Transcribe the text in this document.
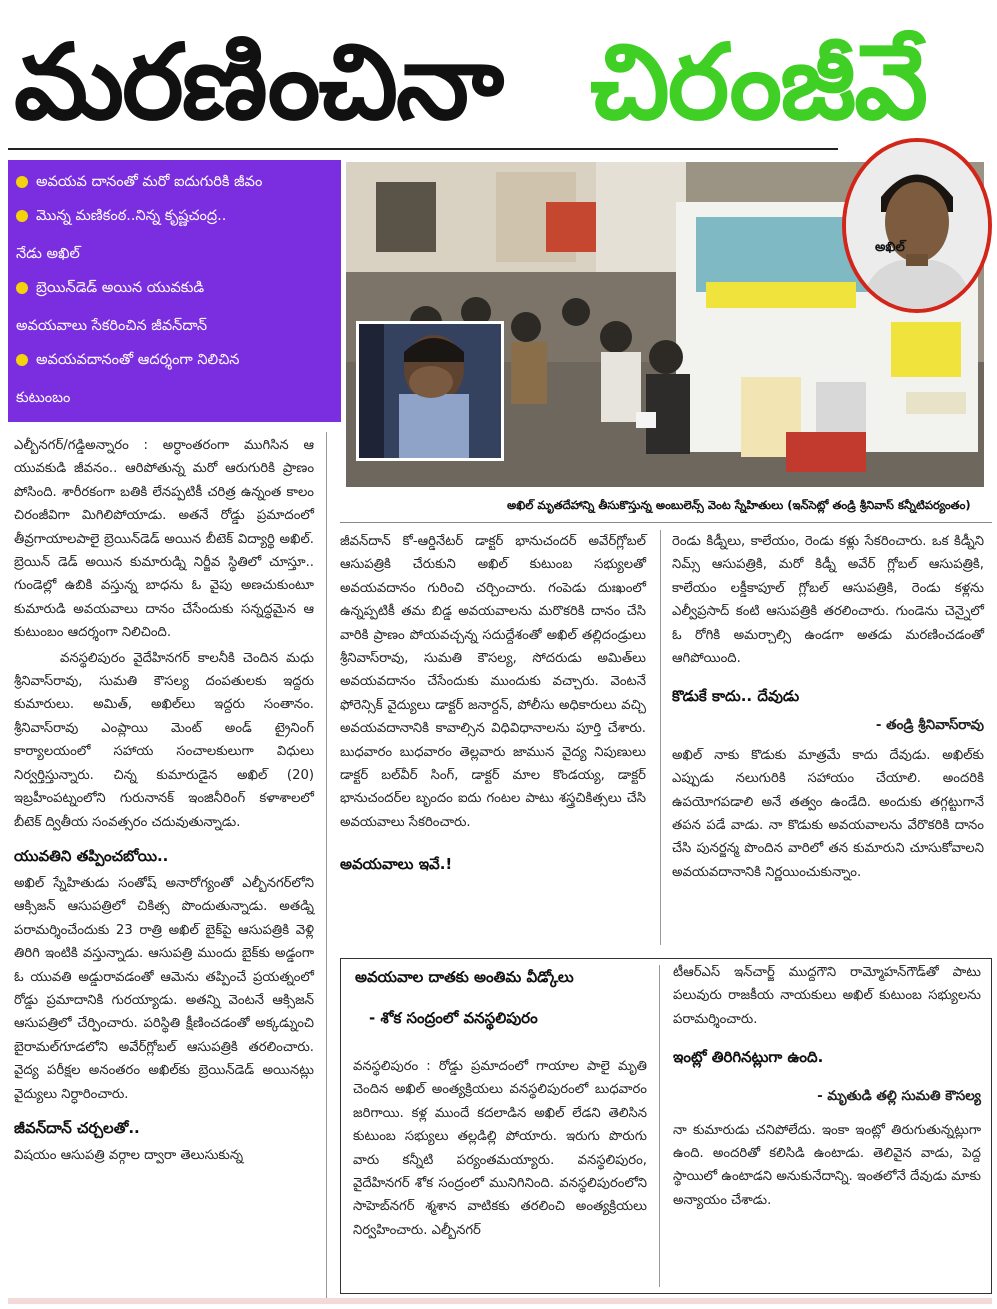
మరణించినా చిరంజీవే
అవయవ దానంతో మరో ఐదుగురికి జీవం
మొన్న మణికంఠ..నిన్న కృష్ణచంద్ర..
నేడు అఖిల్
బ్రెయిన్‌డెడ్ అయిన యువకుడి
అవయవాలు సేకరించిన జీవన్‌దాన్
అవయవదానంతో ఆదర్శంగా నిలిచిన
కుటుంబం
అఖిల్
అఖిల్ మృతదేహాన్ని తీసుకొస్తున్న అంబులెన్స్ వెంట స్నేహితులు (ఇన్‌సెట్లో తండ్రి శ్రీనివాస్ కన్నీటిపర్యంతం)

ఎల్బీనగర్/గడ్డిఅన్నారం : అర్ధాంతరంగా ముగిసిన ఆ యువకుడి జీవనం.. ఆరిపోతున్న మరో ఆరుగురికి ప్రాణం పోసింది. శారీరకంగా బతికి లేనప్పటికీ చరిత్ర ఉన్నంత కాలం చిరంజీవిగా మిగిలిపోయాడు. అతనే రోడ్డు ప్రమాదంలో తీవ్రగాయాలపాలై బ్రెయిన్‌డెడ్ అయిన బీటెక్ విద్యార్థి అఖిల్. బ్రెయిన్ డెడ్ అయిన కుమారుడ్ని నిర్జీవ స్థితిలో చూస్తూ.. గుండెల్లో ఉబికి వస్తున్న బాధను ఓ వైపు అణచుకుంటూ కుమారుడి అవయవాలు దానం చేసేందుకు సన్నద్ధమైన ఆ కుటుంబం ఆదర్శంగా నిలిచింది.

వనస్థలిపురం వైదేహినగర్ కాలనీకి చెందిన మధు శ్రీనివాస్‌రావు, సుమతి కౌసల్య దంపతులకు ఇద్దరు కుమారులు. అమిత్, అఖిల్‌లు ఇద్దరు సంతానం. శ్రీనివాస్‌రావు ఎంప్లాయి మెంట్ అండ్ ట్రైనింగ్ కార్యాలయంలో సహాయ సంచాలకులుగా విధులు నిర్వర్తిస్తున్నారు. చిన్న కుమారుడైన అఖిల్ (20) ఇబ్రహీంపట్నంలోని గురునానక్ ఇంజినీరింగ్ కళాశాలలో బీటెక్ ద్వితీయ సంవత్సరం చదువుతున్నాడు.

యువతిని తప్పించబోయి..

అఖిల్ స్నేహితుడు సంతోష్ అనారోగ్యంతో ఎల్బీనగర్‌లోని ఆక్సిజన్ ఆసుపత్రిలో చికిత్స పొందుతున్నాడు. అతడ్ని పరామర్శించేందుకు 23 రాత్రి అఖిల్ బైక్‌పై ఆసుపత్రికి వెళ్లి తిరిగి ఇంటికి వస్తున్నాడు. ఆసుపత్రి ముందు బైక్‌కు అడ్డంగా ఓ యువతి అడ్డురావడంతో ఆమెను తప్పించే ప్రయత్నంలో రోడ్డు ప్రమాదానికి గురయ్యాడు. అతన్ని వెంటనే ఆక్సిజన్ ఆసుపత్రిలో చేర్పించారు. పరిస్థితి క్షీణించడంతో అక్కడ్నుంచి బైరామల్‌గూడలోని అవేర్‌గ్లోబల్ ఆసుపత్రికి తరలించారు. వైద్య పరీక్షల అనంతరం అఖిల్‌కు బ్రెయిన్‌డెడ్ అయినట్లు వైద్యులు నిర్ధారించారు.

జీవన్‌దాన్ చర్చలతో..

విషయం ఆసుపత్రి వర్గాల ద్వారా తెలుసుకున్న

జీవన్‌దాన్ కో-ఆర్డినేటర్ డాక్టర్ భానుచందర్ అవేర్‌గ్లోబల్ ఆసుపత్రికి చేరుకుని అఖిల్ కుటుంబ సభ్యులతో అవయవదానం గురించి చర్చించారు. గంపెడు దుఃఖంలో ఉన్నప్పటికీ తమ బిడ్డ అవయవాలను మరొకరికి దానం చేసి వారికి ప్రాణం పోయవచ్చన్న సదుద్దేశంతో అఖిల్ తల్లిదండ్రులు శ్రీనివాస్‌రావు, సుమతి కౌసల్య, సోదరుడు అమిత్‌లు అవయవదానం చేసేందుకు ముందుకు వచ్చారు. వెంటనే ఫోరెన్సిక్ వైద్యులు డాక్టర్ జనార్దన్, పోలీసు అధికారులు వచ్చి అవయవదానానికి కావాల్సిన విధివిధానాలను పూర్తి చేశారు. బుధవారం బుధవారం తెల్లవారు జామున వైద్య నిపుణులు డాక్టర్ బల్‌వీర్ సింగ్, డాక్టర్ మాల కొండయ్య, డాక్టర్ భానుచందర్‌ల బృందం ఐదు గంటల పాటు శస్త్రచికిత్సలు చేసి అవయవాలు సేకరించారు.

అవయవాలు ఇవే.!

రెండు కిడ్నీలు, కాలేయం, రెండు కళ్లు సేకరించారు. ఒక కిడ్నీని నిమ్స్ ఆసుపత్రికి, మరో కిడ్నీ అవేర్ గ్లోబల్ ఆసుపత్రికి, కాలేయం లక్డీకాపూల్ గ్లోబల్ ఆసుపత్రికి, రెండు కళ్లను ఎల్వీప్రసాద్ కంటి ఆసుపత్రికి తరలించారు. గుండెను చెన్నైలో ఓ రోగికి అమర్చాల్సి ఉండగా అతడు మరణించడంతో ఆగిపోయింది.

కొడుకే కాదు.. దేవుడు
- తండ్రి శ్రీనివాస్‌రావు

అఖిల్ నాకు కొడుకు మాత్రమే కాదు దేవుడు. అఖిల్‌కు ఎప్పుడు నలుగురికి సహాయం చేయాలి. అందరికి ఉపయోగపడాలి అనే తత్వం ఉండేది. అందుకు తగ్గట్టుగానే తపన పడే వాడు. నా కొడుకు అవయవాలను వేరొకరికి దానం చేసి పునర్జన్మ పొందిన వారిలో తన కుమారుని చూసుకోవాలని అవయవదానానికి నిర్ణయించుకున్నాం.

అవయవాల దాతకు అంతిమ వీడ్కోలు
- శోక సంద్రంలో వనస్థలిపురం

వనస్థలిపురం : రోడ్డు ప్రమాదంలో గాయాల పాలై మృతి చెందిన అఖిల్ అంత్యక్రియలు వనస్థలిపురంలో బుధవారం జరిగాయి. కళ్ల ముందే కదలాడిన అఖిల్ లేడని తెలిసిన కుటుంబ సభ్యులు తల్లడిల్లి పోయారు. ఇరుగు పొరుగు వారు కన్నీటి పర్యంతమయ్యారు. వనస్థలిపురం, వైదేహినగర్ శోక సంద్రంలో మునిగినింది. వనస్థలిపురంలోని సాహెబ్‌నగర్ శ్మశాన వాటికకు తరలించి అంత్యక్రియలు నిర్వహించారు. ఎల్బీనగర్

టీఆర్ఎస్ ఇన్‌చార్జ్ ముద్దగౌని రామ్మోహన్‌గౌడ్‌తో పాటు పలువురు రాజకీయ నాయకులు అఖిల్ కుటుంబ సభ్యులను పరామర్శించారు.

ఇంట్లో తిరిగినట్లుగా ఉంది.
- మృతుడి తల్లి సుమతి కౌసల్య

నా కుమారుడు చనిపోలేదు. ఇంకా ఇంట్లో తిరుగుతున్నట్లుగా ఉంది. అందరితో కలిసిడి ఉంటాడు. తెలివైన వాడు, పెద్ద స్థాయిలో ఉంటాడని అనుకునేదాన్ని. ఇంతలోనే దేవుడు మాకు అన్యాయం చేశాడు.
